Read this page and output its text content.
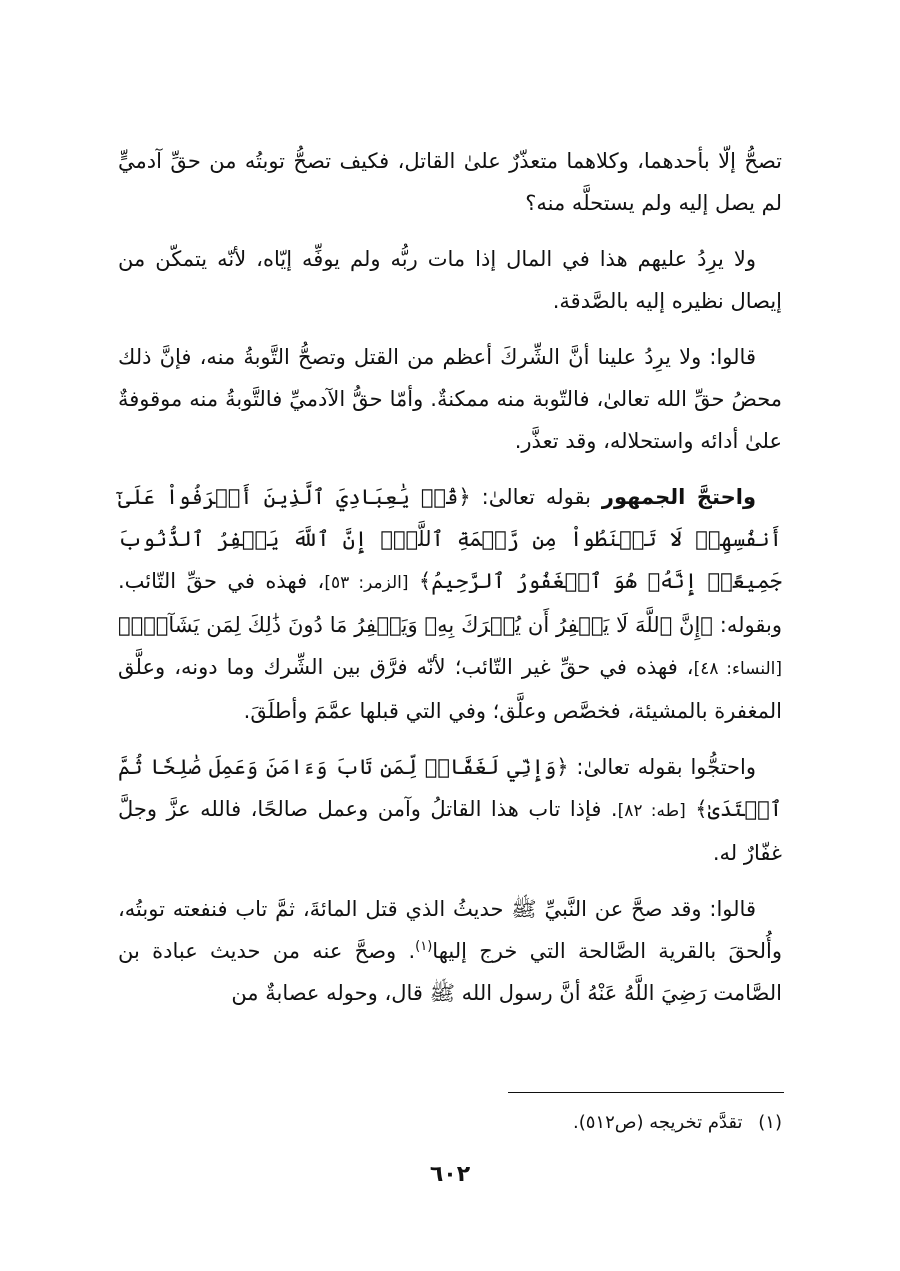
تصحُّ إلّا بأحدهما، وكلاهما متعذّرٌ علىٰ القاتل، فكيف تصحُّ توبتُه من حقِّ آدميٍّ لم يصل إليه ولم يستحلَّه منه؟

ولا يرِدُ عليهم هذا في المال إذا مات ربُّه ولم يوفِّه إيّاه، لأنّه يتمكّن من إيصال نظيره إليه بالصَّدقة.

قالوا: ولا يرِدُ علينا أنَّ الشِّركَ أعظم من القتل وتصحُّ التَّوبةُ منه، فإنَّ ذلك محضُ حقِّ الله تعالىٰ، فالتّوبة منه ممكنةٌ. وأمّا حقُّ الآدميِّ فالتَّوبةُ منه موقوفةٌ علىٰ أدائه واستحلاله، وقد تعذَّر.

واحتجَّ الجمهور بقوله تعالىٰ: ﴿قُلۡ يَٰعِبَادِيَ ٱلَّذِينَ أَسۡرَفُواْ عَلَىٰٓ أَنفُسِهِمۡ لَا تَقۡنَطُواْ مِن رَّحۡمَةِ ٱللَّهِۚ إِنَّ ٱللَّهَ يَغۡفِرُ ٱلذُّنُوبَ جَمِيعًاۚ إِنَّهُۥ هُوَ ٱلۡغَفُورُ ٱلرَّحِيمُ﴾ [الزمر: ٥٣]، فهذه في حقِّ التّائب. وبقوله: ﴿إِنَّ ٱللَّهَ لَا يَغۡفِرُ أَن يُشۡرَكَ بِهِۦ وَيَغۡفِرُ مَا دُونَ ذَٰلِكَ لِمَن يَشَآءُۚ﴾ [النساء: ٤٨]، فهذه في حقِّ غير التّائب؛ لأنّه فرَّق بين الشِّرك وما دونه، وعلَّق المغفرة بالمشيئة، فخصَّص وعلَّق؛ وفي التي قبلها عمَّمَ وأطلَقَ.

واحتجُّوا بقوله تعالىٰ: ﴿وَإِنِّي لَغَفَّارٞ لِّمَن تَابَ وَءَامَنَ وَعَمِلَ صَٰلِحٗا ثُمَّ ٱهۡتَدَىٰ﴾ [طه: ٨٢]. فإذا تاب هذا القاتلُ وآمن وعمل صالحًا، فالله عزَّ وجلَّ غفّارٌ له.

قالوا: وقد صحَّ عن النَّبيِّ ﷺ حديثُ الذي قتل المائةَ، ثمَّ تاب فنفعته توبتُه، وأُلحقَ بالقرية الصَّالحة التي خرج إليها$^{(١)}$. وصحَّ عنه من حديث عبادة بن الصَّامت رَضِيَ اللَّهُ عَنْهُ أنَّ رسول الله ﷺ قال، وحوله عصابةٌ من

(١) تقدَّم تخريجه (ص٥١٢).
٦٠٢
